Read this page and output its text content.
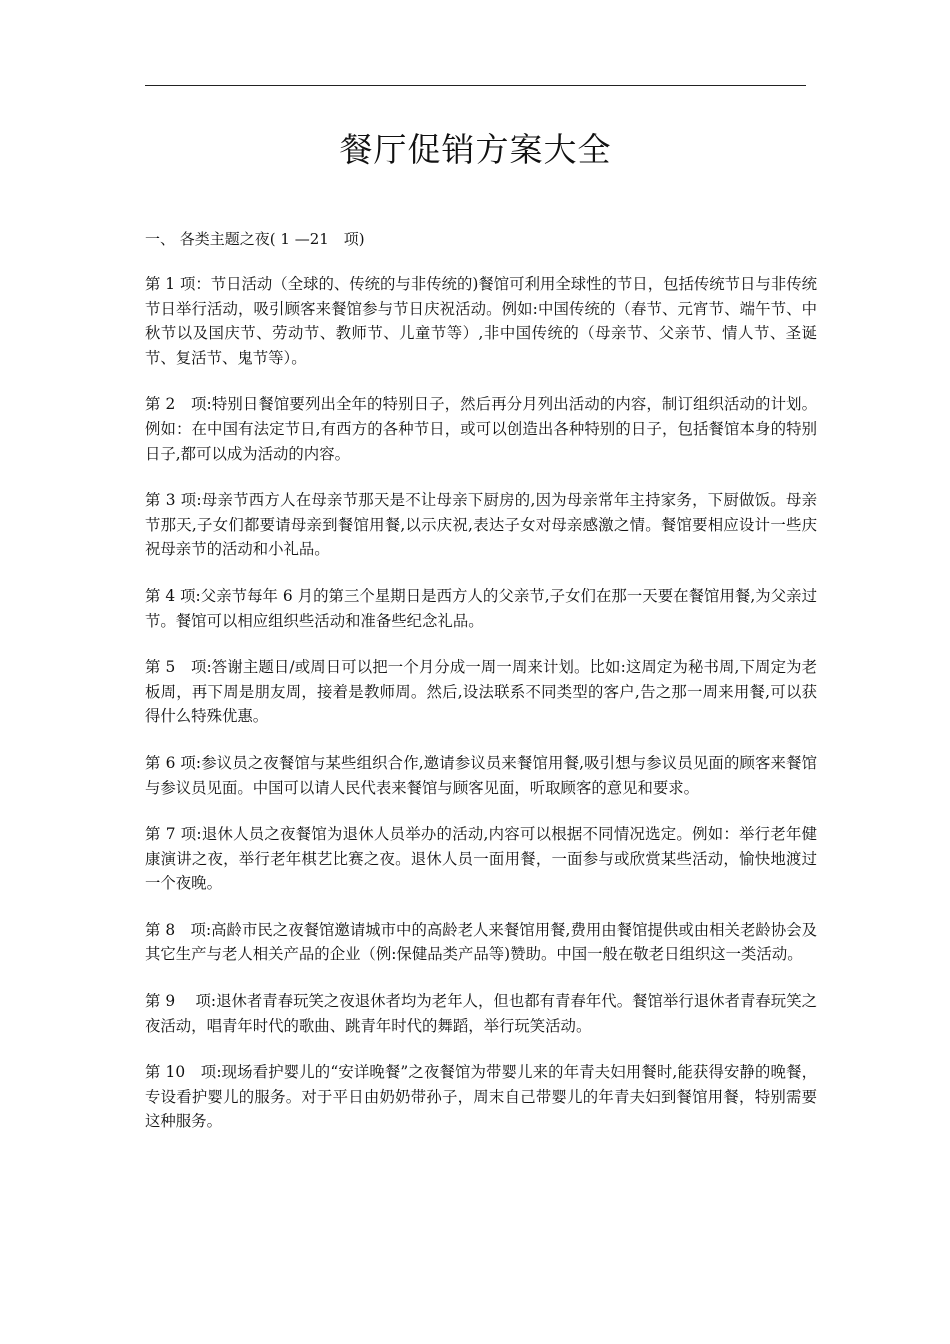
餐厅促销方案大全

一、 各类主题之夜( 1 —21　项)

第 1 项：节日活动（全球的、传统的与非传统的)餐馆可利用全球性的节日，包括传统节日与非传统节日举行活动，吸引顾客来餐馆参与节日庆祝活动。例如:中国传统的（春节、元宵节、端午节、中秋节以及国庆节、劳动节、教师节、儿童节等）,非中国传统的（母亲节、父亲节、情人节、圣诞节、复活节、鬼节等）。

第 2　项:特别日餐馆要列出全年的特别日子，然后再分月列出活动的内容，制订组织活动的计划。例如：在中国有法定节日,有西方的各种节日，或可以创造出各种特别的日子，包括餐馆本身的特别日子,都可以成为活动的内容。

第 3 项:母亲节西方人在母亲节那天是不让母亲下厨房的,因为母亲常年主持家务，下厨做饭。母亲节那天,子女们都要请母亲到餐馆用餐,以示庆祝,表达子女对母亲感激之情。餐馆要相应设计一些庆祝母亲节的活动和小礼品。

第 4 项:父亲节每年 6 月的第三个星期日是西方人的父亲节,子女们在那一天要在餐馆用餐,为父亲过节。餐馆可以相应组织些活动和准备些纪念礼品。

第 5　项:答谢主题日/或周日可以把一个月分成一周一周来计划。比如:这周定为秘书周,下周定为老板周，再下周是朋友周，接着是教师周。然后,设法联系不同类型的客户,告之那一周来用餐,可以获得什么特殊优惠。

第 6 项:参议员之夜餐馆与某些组织合作,邀请参议员来餐馆用餐,吸引想与参议员见面的顾客来餐馆与参议员见面。中国可以请人民代表来餐馆与顾客见面，听取顾客的意见和要求。

第 7 项:退休人员之夜餐馆为退休人员举办的活动,内容可以根据不同情况选定。例如：举行老年健康演讲之夜，举行老年棋艺比赛之夜。退休人员一面用餐，一面参与或欣赏某些活动，愉快地渡过一个夜晚。

第 8　项:高龄市民之夜餐馆邀请城市中的高龄老人来餐馆用餐,费用由餐馆提供或由相关老龄协会及其它生产与老人相关产品的企业（例:保健品类产品等)赞助。中国一般在敬老日组织这一类活动。

第 9　 项:退休者青春玩笑之夜退休者均为老年人，但也都有青春年代。餐馆举行退休者青春玩笑之夜活动，唱青年时代的歌曲、跳青年时代的舞蹈，举行玩笑活动。

第 10　项:现场看护婴儿的“安详晚餐”之夜餐馆为带婴儿来的年青夫妇用餐时,能获得安静的晚餐，专设看护婴儿的服务。对于平日由奶奶带孙子，周末自己带婴儿的年青夫妇到餐馆用餐，特别需要这种服务。
